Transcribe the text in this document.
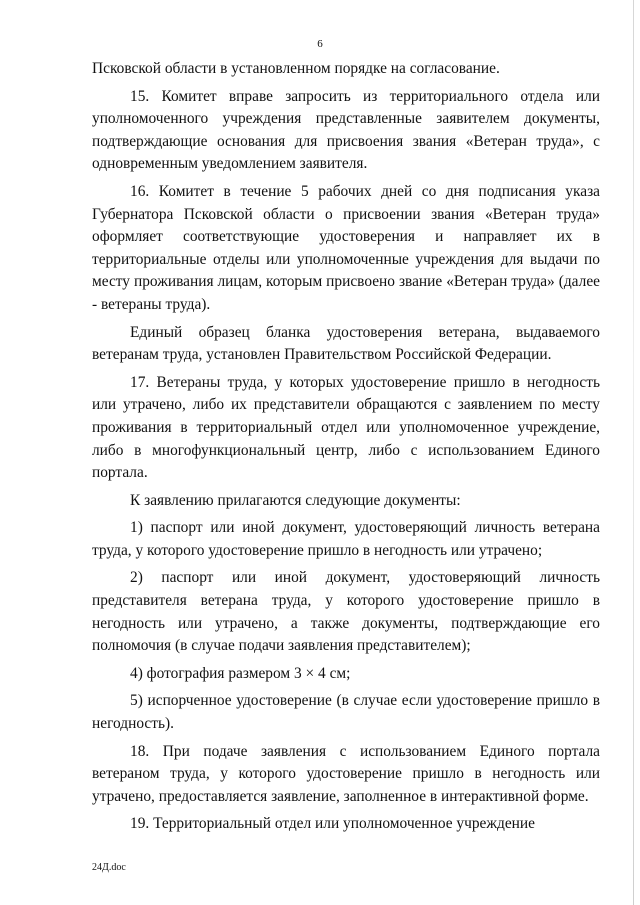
6

Псковской области в установленном порядке на согласование.

15. Комитет вправе запросить из территориального отдела или уполномоченного учреждения представленные заявителем документы, подтверждающие основания для присвоения звания «Ветеран труда», с одновременным уведомлением заявителя.

16. Комитет в течение 5 рабочих дней со дня подписания указа Губернатора Псковской области о присвоении звания «Ветеран труда» оформляет соответствующие удостоверения и направляет их в территориальные отделы или уполномоченные учреждения для выдачи по месту проживания лицам, которым присвоено звание «Ветеран труда» (далее - ветераны труда).

Единый образец бланка удостоверения ветерана, выдаваемого ветеранам труда, установлен Правительством Российской Федерации.

17. Ветераны труда, у которых удостоверение пришло в негодность или утрачено, либо их представители обращаются с заявлением по месту проживания в территориальный отдел или уполномоченное учреждение, либо в многофункциональный центр, либо с использованием Единого портала.

К заявлению прилагаются следующие документы:

1) паспорт или иной документ, удостоверяющий личность ветерана труда, у которого удостоверение пришло в негодность или утрачено;

2) паспорт или иной документ, удостоверяющий личность представителя ветерана труда, у которого удостоверение пришло в негодность или утрачено, а также документы, подтверждающие его полномочия (в случае подачи заявления представителем);

4) фотография размером 3 × 4 см;

5) испорченное удостоверение (в случае если удостоверение пришло в негодность).

18. При подаче заявления с использованием Единого портала ветераном труда, у которого удостоверение пришло в негодность или утрачено, предоставляется заявление, заполненное в интерактивной форме.

19. Территориальный отдел или уполномоченное учреждение

24Д.doc
